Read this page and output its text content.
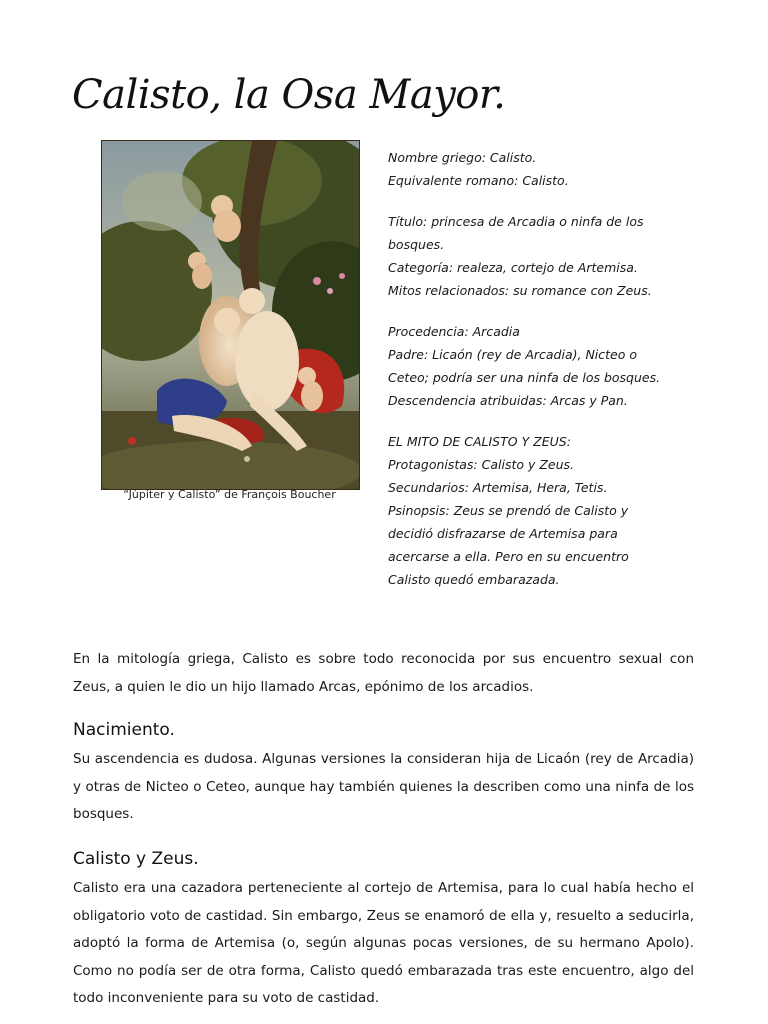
Calisto, la Osa Mayor.
“Júpiter y Calisto” de François Boucher
Nombre griego: Calisto.
Equivalente romano: Calisto.
Título: princesa de Arcadia o ninfa de los
bosques.
Categoría: realeza, cortejo de Artemisa.
Mitos relacionados: su romance con Zeus.
Procedencia: Arcadia
Padre: Licaón (rey de Arcadia), Nicteo o
Ceteo; podría ser una ninfa de los bosques.
Descendencia atribuidas: Arcas y Pan.
EL MITO DE CALISTO Y ZEUS:
Protagonistas: Calisto y Zeus.
Secundarios: Artemisa, Hera, Tetis.
Psinopsis: Zeus se prendó de Calisto y
decidió disfrazarse de Artemisa para
acercarse a ella. Pero en su encuentro
Calisto quedó embarazada.
En la mitología griega, Calisto es sobre todo reconocida por sus encuentro sexual con Zeus, a quien le dio un hijo llamado Arcas, epónimo de los arcadios.
Nacimiento.
Su ascendencia es dudosa. Algunas versiones la consideran hija de Licaón (rey de Arcadia) y otras de Nicteo o Ceteo, aunque hay también quienes la describen como una ninfa de los bosques.
Calisto y Zeus.
Calisto era una cazadora perteneciente al cortejo de Artemisa, para lo cual había hecho el obligatorio voto de castidad. Sin embargo, Zeus se enamoró de ella y, resuelto a seducirla, adoptó la forma de Artemisa (o, según algunas pocas versiones, de su hermano Apolo). Como no podía ser de otra forma, Calisto quedó embarazada tras este encuentro, algo del todo inconveniente para su voto de castidad.
